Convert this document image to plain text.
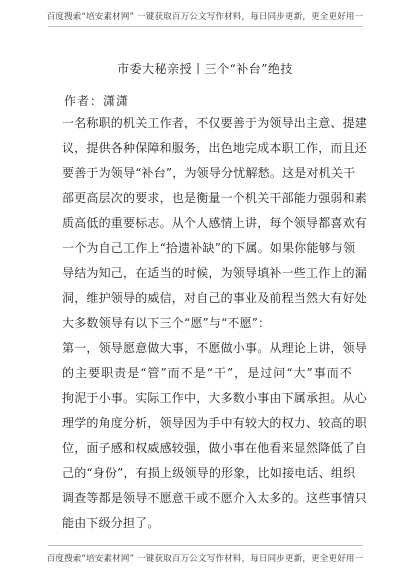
百度搜索“培安素材网” 一键获取百万公文写作材料，每日同步更新，更全更好用一
市委大秘亲授丨三个“补台”绝技
作者：潇潇
一名称职的机关工作者，不仅要善于为领导出主意、提建
议，提供各种保障和服务，出色地完成本职工作，而且还
要善于为领导“补台”，为领导分忧解愁。这是对机关干
部更高层次的要求，也是衡量一个机关干部能力强弱和素
质高低的重要标志。从个人感情上讲，每个领导都喜欢有
一个为自己工作上“拾遗补缺”的下属。如果你能够与领
导结为知己，在适当的时候，为领导填补一些工作上的漏
洞，维护领导的威信，对自己的事业及前程当然大有好处
大多数领导有以下三个“愿”与“不愿”：
第一，领导愿意做大事，不愿做小事。从理论上讲，领导
的主要职责是“管”而不是“干”，是过问“大”事而不
拘泥于小事。实际工作中，大多数小事由下属承担。从心
理学的角度分析，领导因为手中有较大的权力、较高的职
位，面子感和权威感较强，做小事在他看来显然降低了自
己的“身份”，有损上级领导的形象，比如接电话、组织
调查等都是领导不愿意干或不愿介入太多的。这些事情只
能由下级分担了。
百度搜索“培安素材网” 一键获取百万公文写作材料，每日同步更新，更全更好用一
